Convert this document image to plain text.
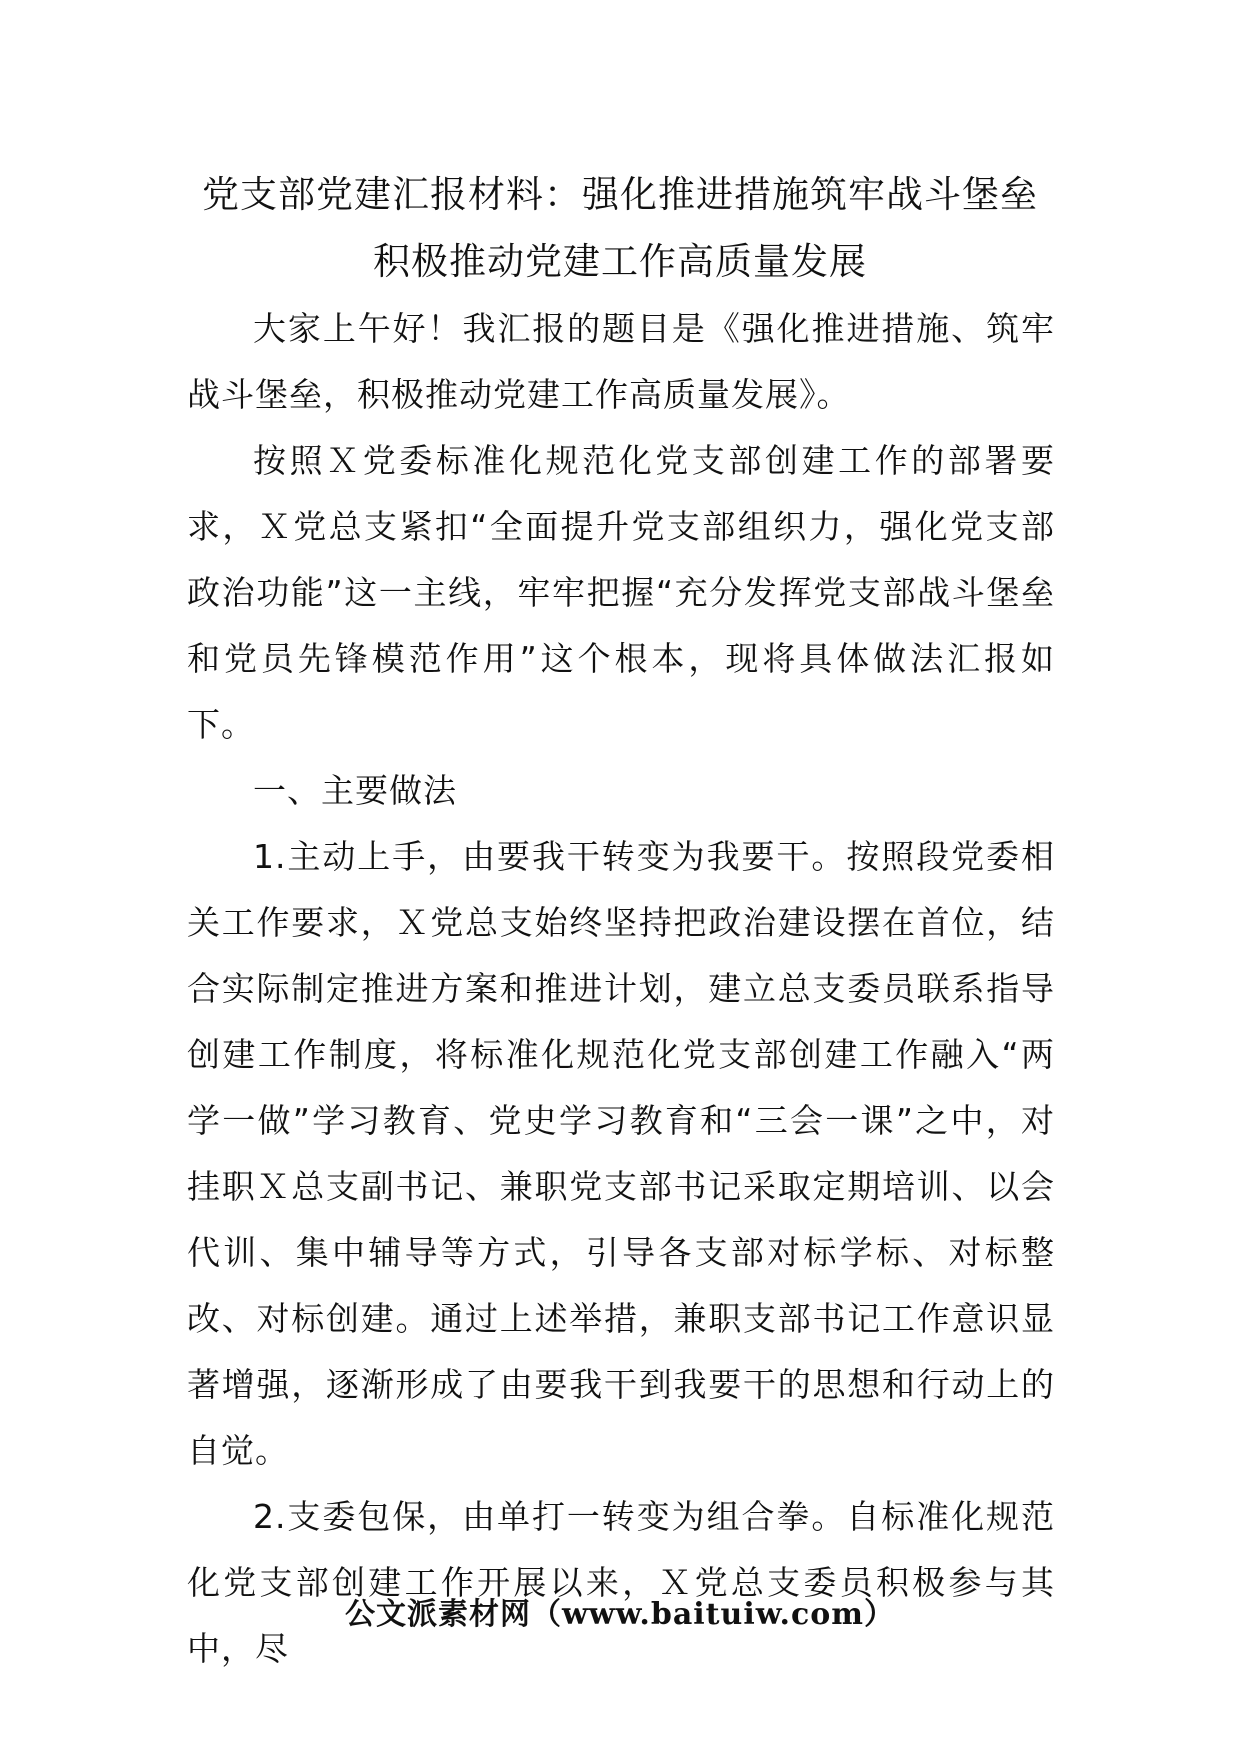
党支部党建汇报材料：强化推进措施筑牢战斗堡垒
积极推动党建工作高质量发展

大家上午好！我汇报的题目是《强化推进措施、筑牢战斗堡垒，积极推动党建工作高质量发展》。

按照Ｘ党委标准化规范化党支部创建工作的部署要求，Ｘ党总支紧扣“全面提升党支部组织力，强化党支部政治功能”这一主线，牢牢把握“充分发挥党支部战斗堡垒和党员先锋模范作用”这个根本，现将具体做法汇报如下。

一、主要做法

1.主动上手，由要我干转变为我要干。按照段党委相关工作要求，Ｘ党总支始终坚持把政治建设摆在首位，结合实际制定推进方案和推进计划，建立总支委员联系指导创建工作制度，将标准化规范化党支部创建工作融入“两学一做”学习教育、党史学习教育和“三会一课”之中，对挂职Ｘ总支副书记、兼职党支部书记采取定期培训、以会代训、集中辅导等方式，引导各支部对标学标、对标整改、对标创建。通过上述举措，兼职支部书记工作意识显著增强，逐渐形成了由要我干到我要干的思想和行动上的自觉。

2.支委包保，由单打一转变为组合拳。自标准化规范化党支部创建工作开展以来，Ｘ党总支委员积极参与其中，尽

公文派素材网（www.baituiw.com）
